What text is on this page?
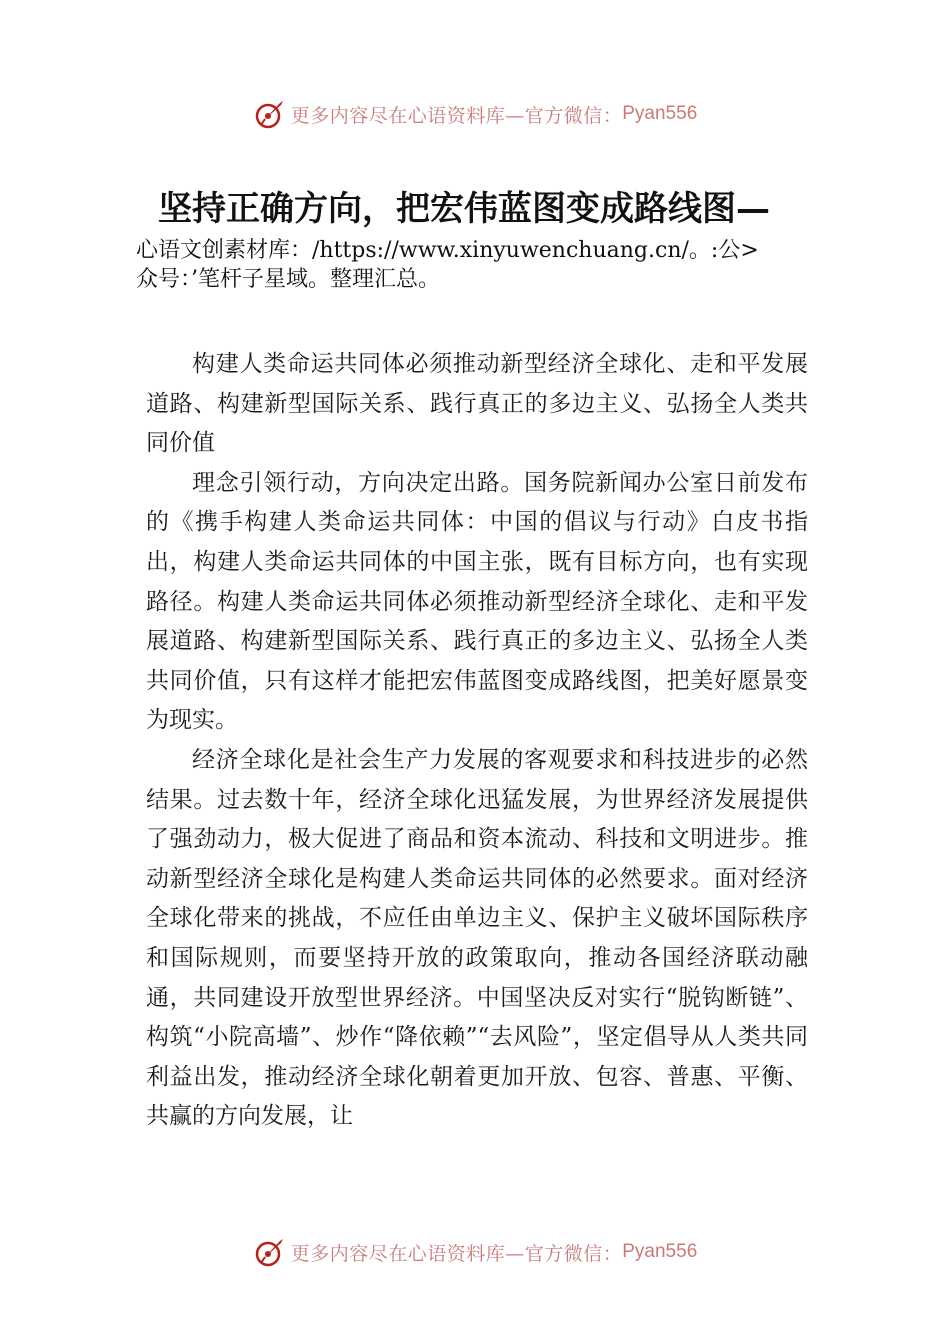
更多内容尽在心语资料库—官方微信： Pyan556
坚持正确方向，把宏伟蓝图变成路线图—
心语文创素材库：/https://www.xinyuwenchuang.cn/。:公>
众号：’笔杆子星域。整理汇总。

构建人类命运共同体必须推动新型经济全球化、走和平发展道路、构建新型国际关系、践行真正的多边主义、弘扬全人类共同价值

理念引领行动，方向决定出路。国务院新闻办公室日前发布的《携手构建人类命运共同体：中国的倡议与行动》白皮书指出，构建人类命运共同体的中国主张，既有目标方向，也有实现路径。构建人类命运共同体必须推动新型经济全球化、走和平发展道路、构建新型国际关系、践行真正的多边主义、弘扬全人类共同价值，只有这样才能把宏伟蓝图变成路线图，把美好愿景变为现实。

经济全球化是社会生产力发展的客观要求和科技进步的必然结果。过去数十年，经济全球化迅猛发展，为世界经济发展提供了强劲动力，极大促进了商品和资本流动、科技和文明进步。推动新型经济全球化是构建人类命运共同体的必然要求。面对经济全球化带来的挑战，不应任由单边主义、保护主义破坏国际秩序和国际规则，而要坚持开放的政策取向，推动各国经济联动融通，共同建设开放型世界经济。中国坚决反对实行“脱钩断链”、构筑“小院高墙”、炒作“降依赖”“去风险”，坚定倡导从人类共同利益出发，推动经济全球化朝着更加开放、包容、普惠、平衡、共赢的方向发展，让

更多内容尽在心语资料库—官方微信： Pyan556
